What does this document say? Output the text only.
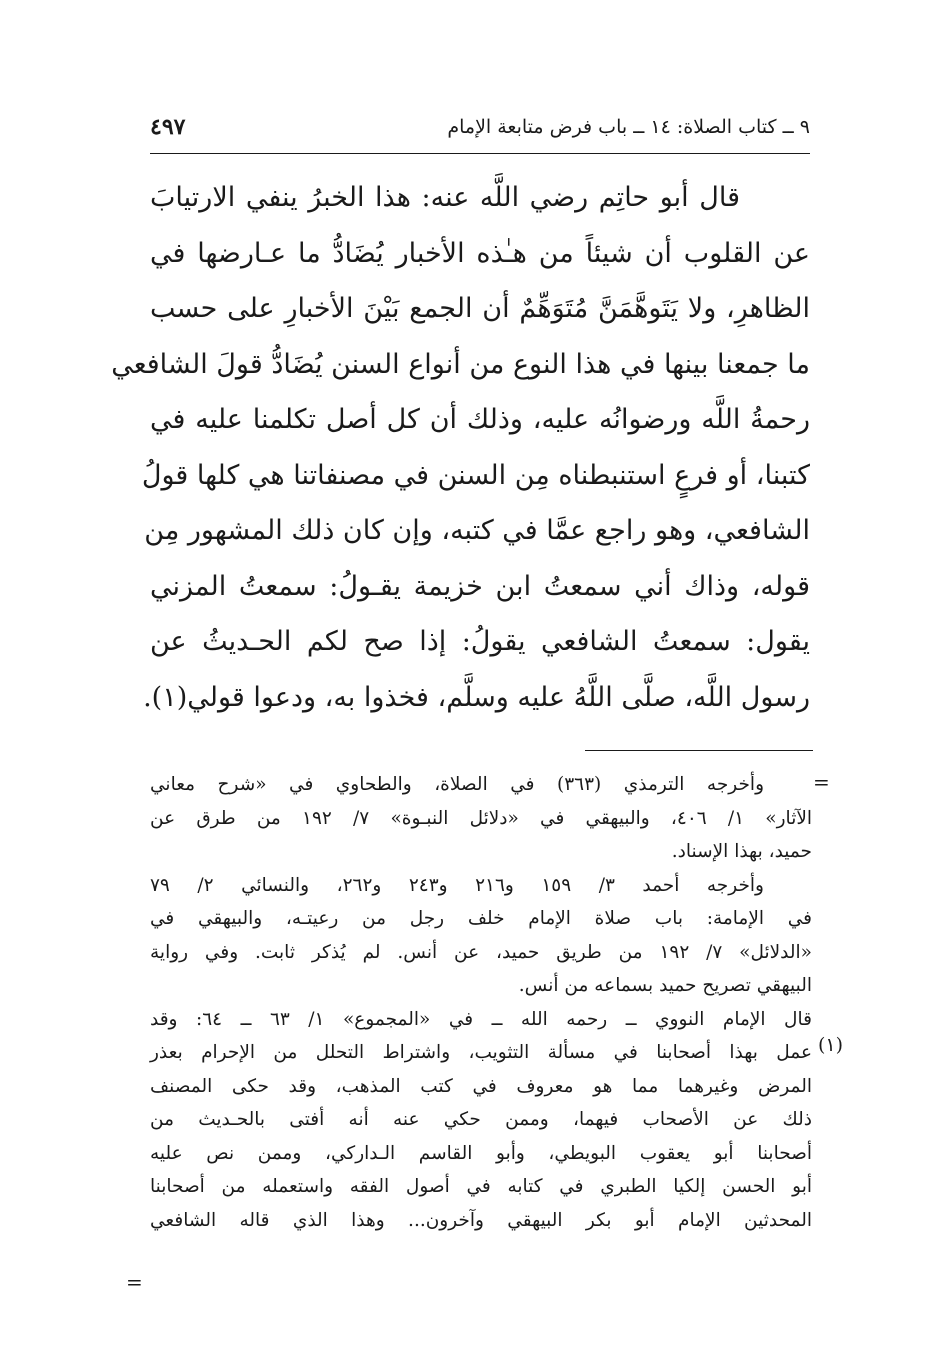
٩ ــ كتاب الصلاة: ١٤ ــ باب فرض متابعة الإمام
٤٩٧
قال أبو حاتِم رضي اللَّه عنه: هذا الخبرُ ينفي الارتيابَ
عن القلوب أن شيئاً من هـٰذه الأخبار يُضَادُّ ما عـارضها في
الظاهرِ، ولا يَتَوهَّمَنَّ مُتَوَهِّمٌ أن الجمع بَيْنَ الأخبارِ على حسب
ما جمعنا بينها في هذا النوع من أنواع السنن يُضَادُّ قولَ الشافعي
رحمةُ اللَّه ورضوانُه عليه، وذلك أن كل أصل تكلمنا عليه في
كتبنا، أو فرعٍ استنبطناه مِن السنن في مصنفاتنا هي كلها قولُ
الشافعي، وهو راجع عمَّا في كتبه، وإن كان ذلك المشهور مِن
قوله، وذاك أني سمعتُ ابن خزيمة يقـولُ: سمعتُ المزني
يقول: سمعتُ الشافعي يقولُ: إذا صح لكم الحـديثُ عن
رسول اللَّه، صلَّى اللَّهُ عليه وسلَّم، فخذوا به، ودعوا قولي(١).
=
وأخرجه الترمذي (٣٦٣) في الصلاة، والطحاوي في «شرح معاني
الآثار» ١/ ٤٠٦، والبيهقي في «دلائل النبـوة» ٧/ ١٩٢ من طرق عن
حميد، بهذا الإسناد.
وأخرجه أحمد ٣/ ١٥٩ و٢١٦ و٢٤٣ و٢٦٢، والنسائي ٢/ ٧٩
في الإمامة: باب صلاة الإمام خلف رجل من رعيتـه، والبيهقي في
«الدلائل» ٧/ ١٩٢ من طريق حميد، عن أنس. لم يُذكر ثابت. وفي رواية
البيهقي تصريح حميد بسماعه من أنس.
قال الإمام النووي ــ رحمه الله ــ في «المجموع» ١/ ٦٣ ــ ٦٤: وقد
عمل بهذا أصحابنا في مسألة التثويب، واشتراط التحلل من الإحرام بعذر
المرض وغيرهما مما هو معروف في كتب المذهب، وقد حكى المصنف
ذلك عن الأصحاب فيهما، وممن حكي عنه أنه أفتى بالحـديث من
أصحابنا أبو يعقوب البويطي، وأبو القاسم الـداركي، وممن نص عليه
أبو الحسن إلكيا الطبري في كتابه في أصول الفقه واستعمله من أصحابنا
المحدثين الإمام أبو بكر البيهقي وآخرون... وهذا الذي قاله الشافعي
(١)
=
